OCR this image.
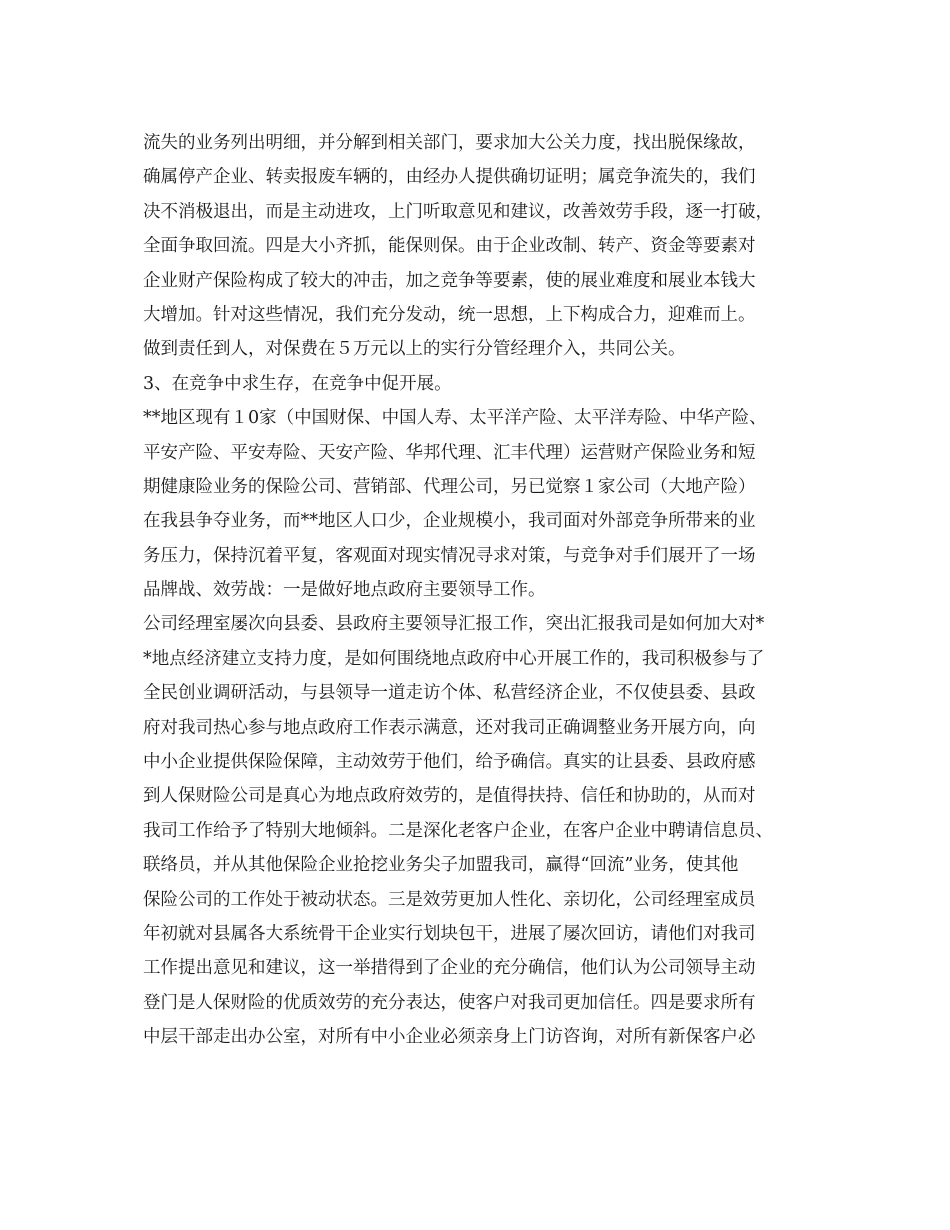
流失的业务列出明细，并分解到相关部门，要求加大公关力度，找出脱保缘故，
确属停产企业、转卖报废车辆的，由经办人提供确切证明；属竞争流失的，我们
决不消极退出，而是主动进攻，上门听取意见和建议，改善效劳手段，逐一打破，
全面争取回流。四是大小齐抓，能保则保。由于企业改制、转产、资金等要素对
企业财产保险构成了较大的冲击，加之竞争等要素，使的展业难度和展业本钱大
大增加。针对这些情况，我们充分发动，统一思想，上下构成合力，迎难而上。
做到责任到人，对保费在５万元以上的实行分管经理介入，共同公关。
3、在竞争中求生存，在竞争中促开展。
**地区现有１0家（中国财保、中国人寿、太平洋产险、太平洋寿险、中华产险、
平安产险、平安寿险、天安产险、华邦代理、汇丰代理）运营财产保险业务和短
期健康险业务的保险公司、营销部、代理公司，另已觉察１家公司（大地产险）
在我县争夺业务，而**地区人口少，企业规模小，我司面对外部竞争所带来的业
务压力，保持沉着平复，客观面对现实情况寻求对策，与竞争对手们展开了一场
品牌战、效劳战：一是做好地点政府主要领导工作。
公司经理室屡次向县委、县政府主要领导汇报工作，突出汇报我司是如何加大对*
*地点经济建立支持力度，是如何围绕地点政府中心开展工作的，我司积极参与了
全民创业调研活动，与县领导一道走访个体、私营经济企业，不仅使县委、县政
府对我司热心参与地点政府工作表示满意，还对我司正确调整业务开展方向，向
中小企业提供保险保障，主动效劳于他们，给予确信。真实的让县委、县政府感
到人保财险公司是真心为地点政府效劳的，是值得扶持、信任和协助的，从而对
我司工作给予了特别大地倾斜。二是深化老客户企业，在客户企业中聘请信息员、
联络员，并从其他保险企业抢挖业务尖子加盟我司，赢得“回流”业务，使其他
保险公司的工作处于被动状态。三是效劳更加人性化、亲切化，公司经理室成员
年初就对县属各大系统骨干企业实行划块包干，进展了屡次回访，请他们对我司
工作提出意见和建议，这一举措得到了企业的充分确信，他们认为公司领导主动
登门是人保财险的优质效劳的充分表达，使客户对我司更加信任。四是要求所有
中层干部走出办公室，对所有中小企业必须亲身上门访咨询，对所有新保客户必
